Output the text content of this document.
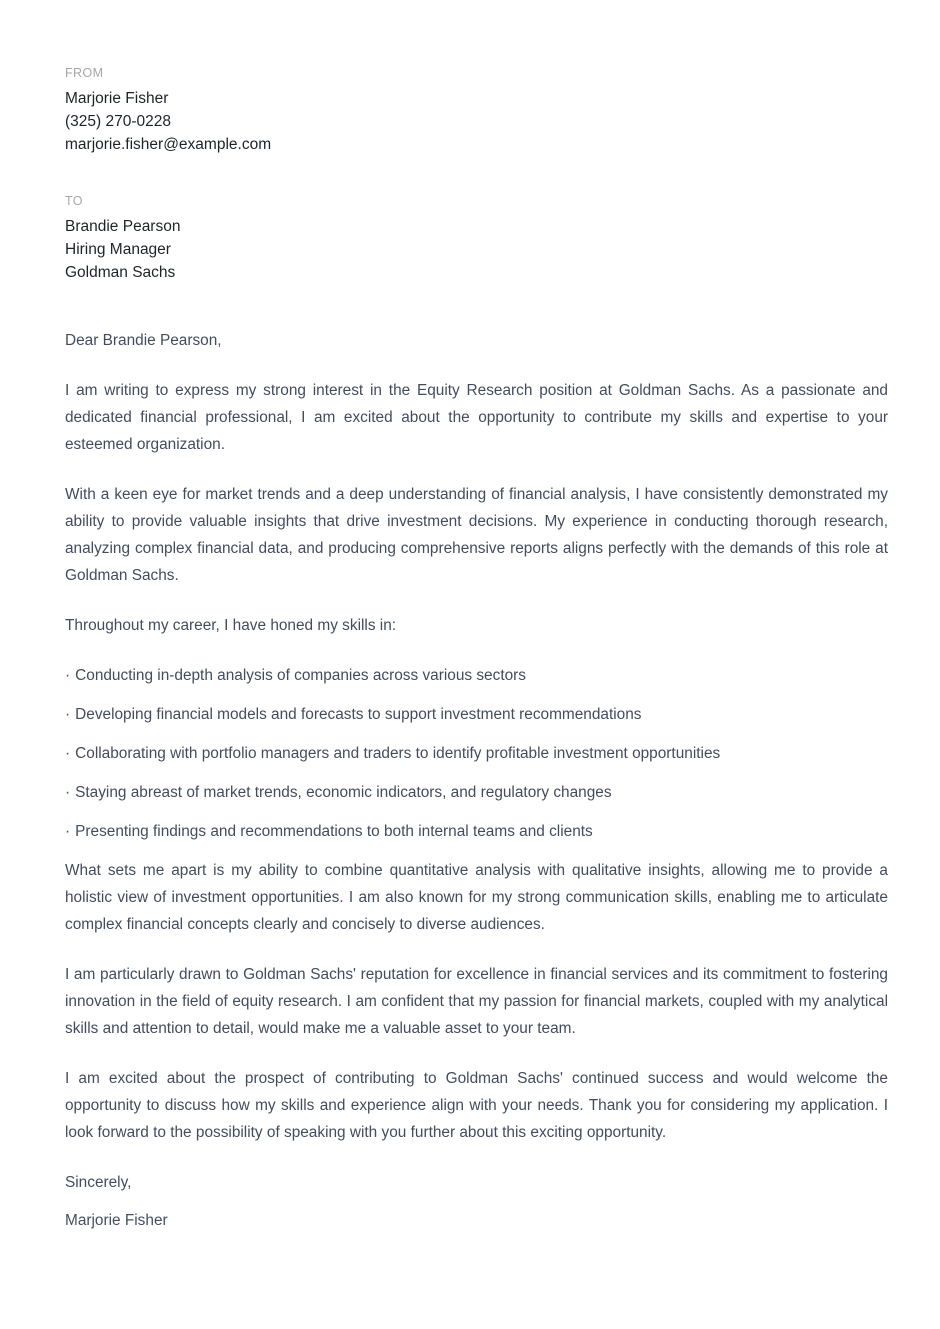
FROM
Marjorie Fisher
(325) 270-0228
marjorie.fisher@example.com
TO
Brandie Pearson
Hiring Manager
Goldman Sachs

Dear Brandie Pearson,

I am writing to express my strong interest in the Equity Research position at Goldman Sachs. As a passionate and dedicated financial professional, I am excited about the opportunity to contribute my skills and expertise to your esteemed organization.

With a keen eye for market trends and a deep understanding of financial analysis, I have consistently demonstrated my ability to provide valuable insights that drive investment decisions. My experience in conducting thorough research, analyzing complex financial data, and producing comprehensive reports aligns perfectly with the demands of this role at Goldman Sachs.

Throughout my career, I have honed my skills in:

· Conducting in-depth analysis of companies across various sectors
· Developing financial models and forecasts to support investment recommendations
· Collaborating with portfolio managers and traders to identify profitable investment opportunities
· Staying abreast of market trends, economic indicators, and regulatory changes
· Presenting findings and recommendations to both internal teams and clients

What sets me apart is my ability to combine quantitative analysis with qualitative insights, allowing me to provide a holistic view of investment opportunities. I am also known for my strong communication skills, enabling me to articulate complex financial concepts clearly and concisely to diverse audiences.

I am particularly drawn to Goldman Sachs' reputation for excellence in financial services and its commitment to fostering innovation in the field of equity research. I am confident that my passion for financial markets, coupled with my analytical skills and attention to detail, would make me a valuable asset to your team.

I am excited about the prospect of contributing to Goldman Sachs' continued success and would welcome the opportunity to discuss how my skills and experience align with your needs. Thank you for considering my application. I look forward to the possibility of speaking with you further about this exciting opportunity.

Sincerely,

Marjorie Fisher
